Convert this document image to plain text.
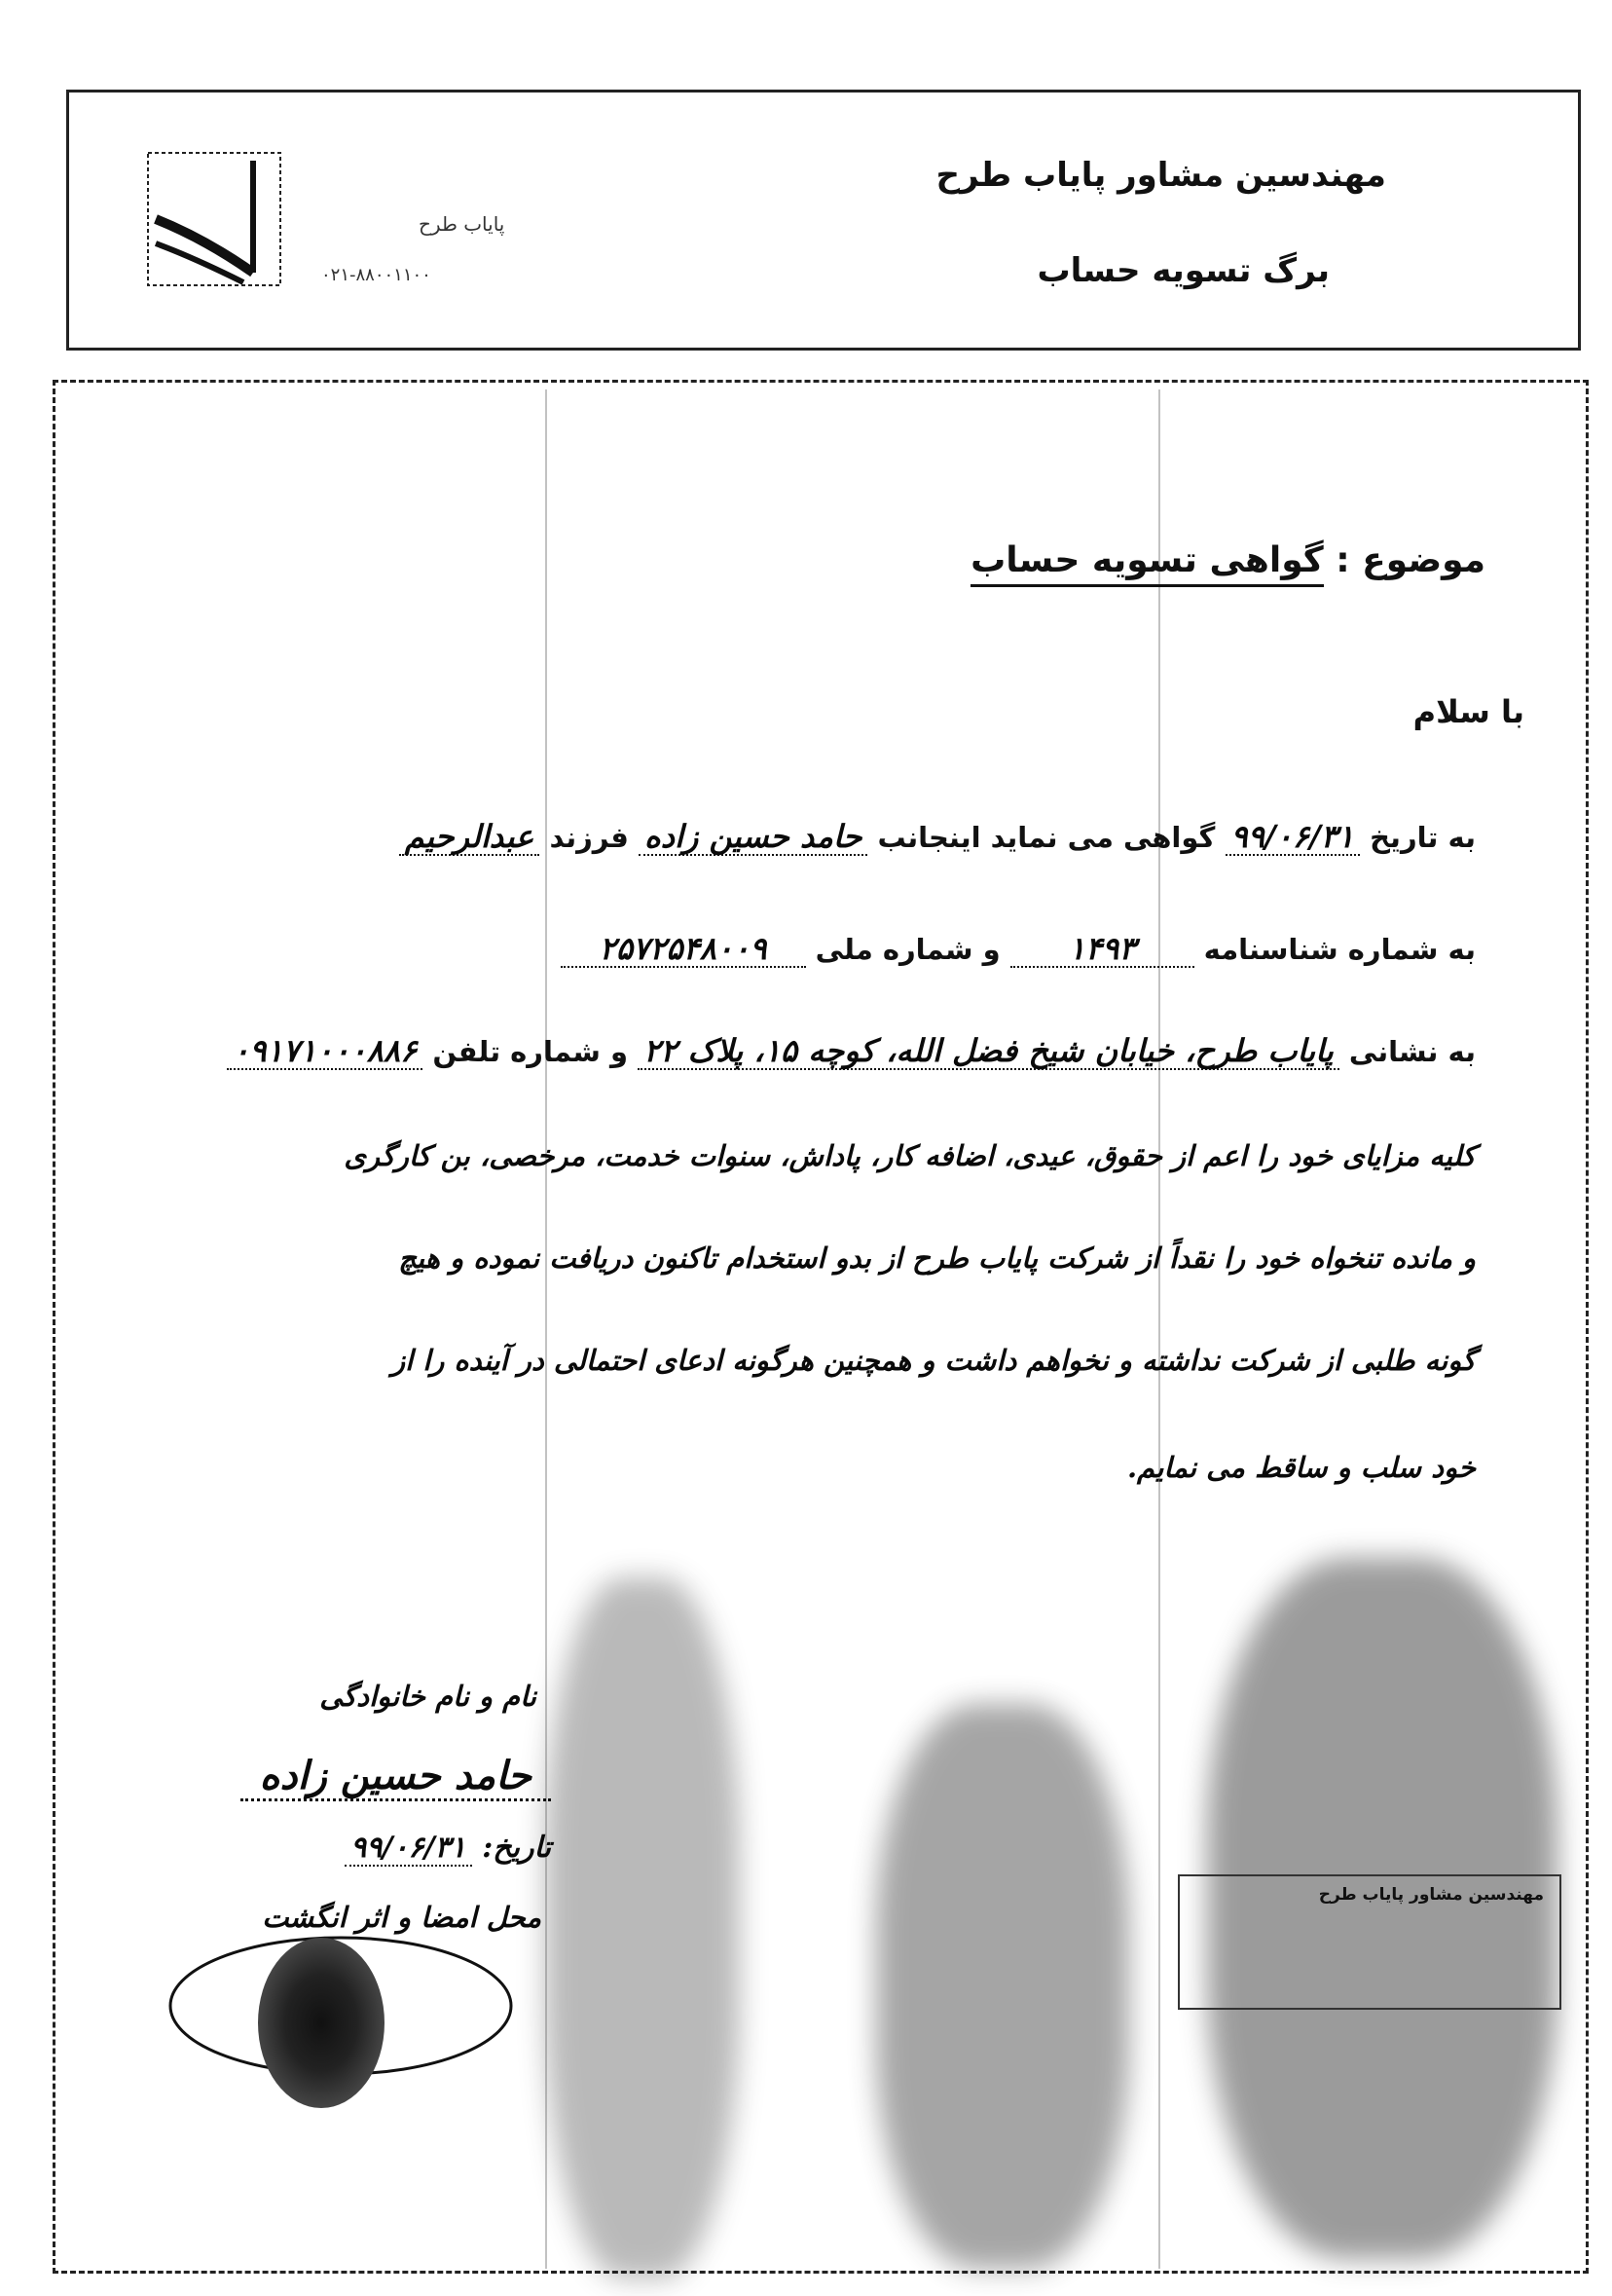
پایاب طرح
۰۲۱-۸۸۰۰۱۱۰۰
مهندسین مشاور پایاب طرح
برگ تسویه حساب
موضوع : گواهی تسویه حساب
با سلام
به تاریخ ۹۹/۰۶/۳۱ گواهی می نماید اینجانب حامد حسین زاده فرزند عبدالرحیم
به شماره شناسنامه ۱۴۹۳ و شماره ملی ۲۵۷۲۵۴۸۰۰۹
به نشانی پایاب طرح، خیابان شیخ فضل الله، کوچه ۱۵، پلاک ۲۲ و شماره تلفن ۰۹۱۷۱۰۰۰۸۸۶
کلیه مزایای خود را اعم از حقوق، عیدی، اضافه کار، پاداش، سنوات خدمت، مرخصی، بن کارگری
و مانده تنخواه خود را نقداً از شرکت پایاب طرح از بدو استخدام تاکنون دریافت نموده و هیچ
گونه طلبی از شرکت نداشته و نخواهم داشت و همچنین هرگونه ادعای احتمالی در آینده را از
خود سلب و ساقط می نمایم.
نام و نام خانوادگی
حامد حسین زاده
تاریخ: ۹۹/۰۶/۳۱
محل امضا و اثر انگشت
مهندسین مشاور پایاب طرح
